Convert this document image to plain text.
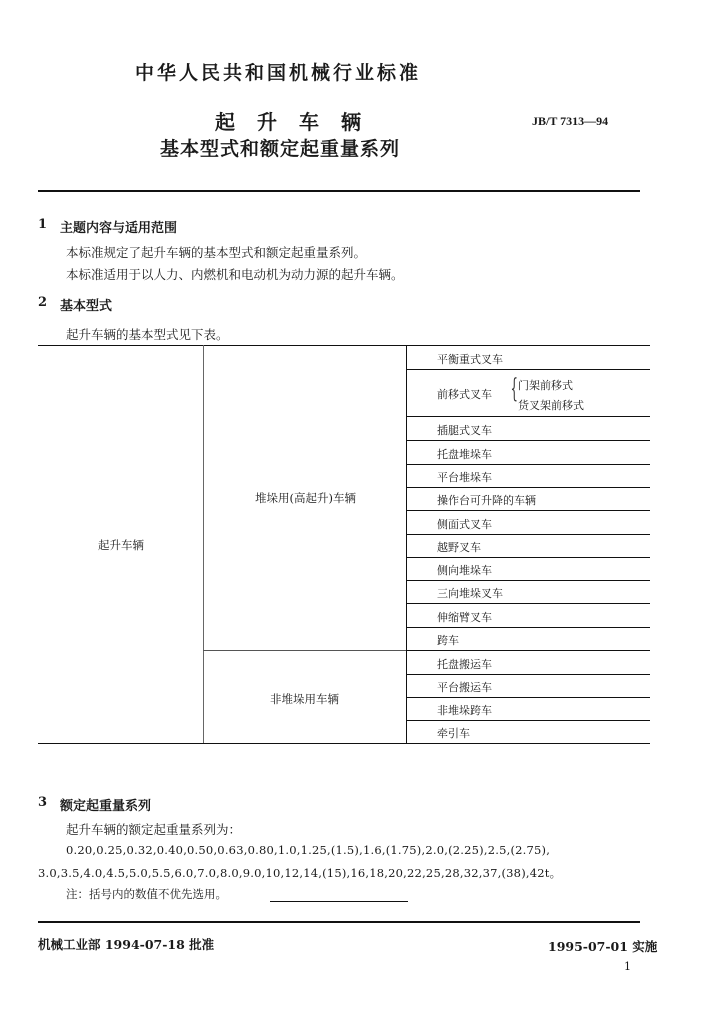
中华人民共和国机械行业标准
起升车辆	JB/T 7313—94
基本型式和额定起重量系列
1 主题内容与适用范围
本标准规定了起升车辆的基本型式和额定起重量系列。
本标准适用于以人力、内燃机和电动机为动力源的起升车辆。
2 基本型式
起升车辆的基本型式见下表。
起升车辆
堆垛用(高起升)车辆
非堆垛用车辆
平衡重式叉车
前移式叉车 { 门架前移式
货叉架前移式
插腿式叉车
托盘堆垛车
平台堆垛车
操作台可升降的车辆
侧面式叉车
越野叉车
侧向堆垛车
三向堆垛叉车
伸缩臂叉车
跨车
托盘搬运车
平台搬运车
非堆垛跨车
牵引车
3 额定起重量系列
起升车辆的额定起重量系列为：
0.20,0.25,0.32,0.40,0.50,0.63,0.80,1.0,1.25,(1.5),1.6,(1.75),2.0,(2.25),2.5,(2.75),
3.0,3.5,4.0,4.5,5.0,5.5,6.0,7.0,8.0,9.0,10,12,14,(15),16,18,20,22,25,28,32,37,(38),42t。
注：括号内的数值不优先选用。
机械工业部 1994-07-18 批准	1995-07-01 实施
1
